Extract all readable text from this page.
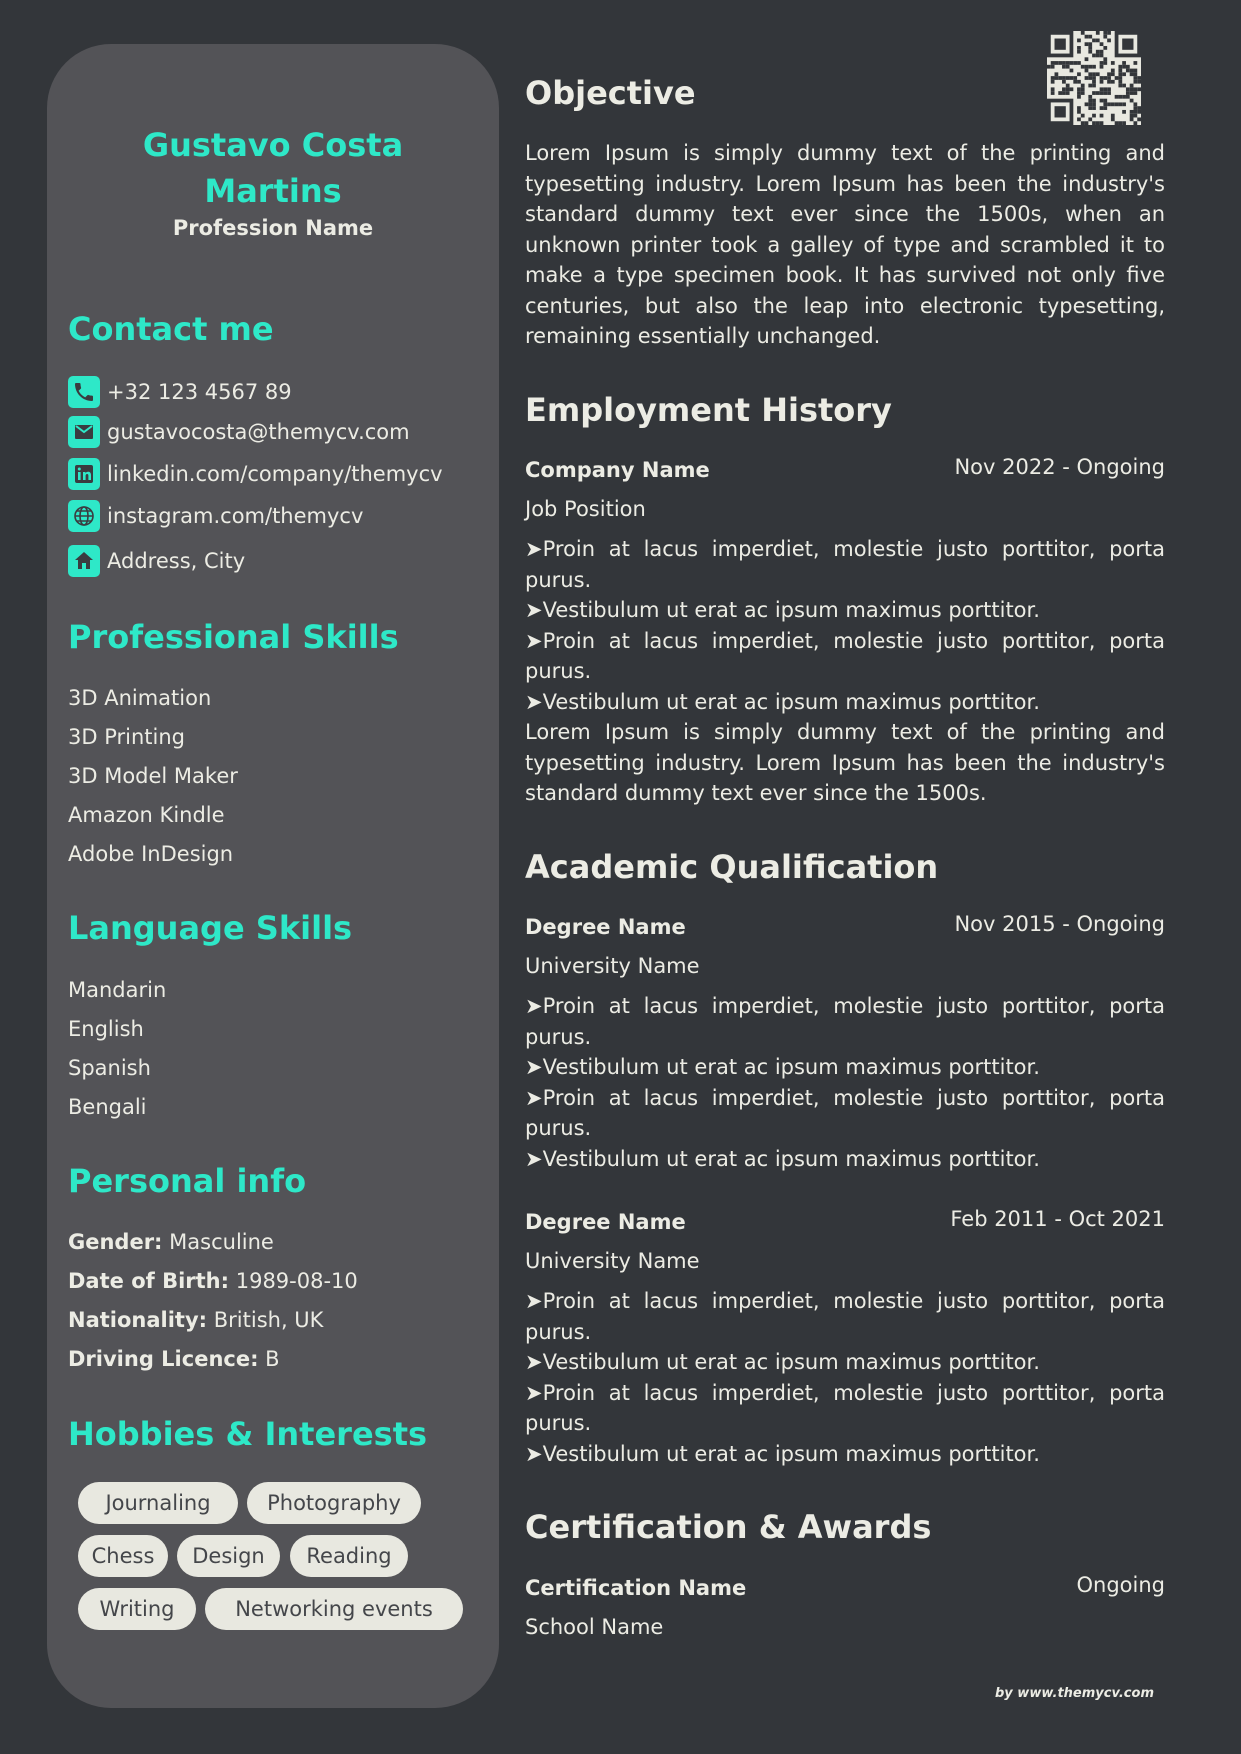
Gustavo Costa
Martins
Profession Name
Contact me
+32 123 4567 89
gustavocosta@themycv.com
linkedin.com/company/themycv
instagram.com/themycv
Address, City
Professional Skills
3D Animation
3D Printing
3D Model Maker
Amazon Kindle
Adobe InDesign
Language Skills
Mandarin
English
Spanish
Bengali
Personal info
Gender: Masculine
Date of Birth: 1989-08-10
Nationality: British, UK
Driving Licence: B
Hobbies & Interests
Journaling	Photography
Chess	Design	Reading
Writing	Networking events
Objective
Lorem Ipsum is simply dummy text of the printing and typesetting industry. Lorem Ipsum has been the industry's standard dummy text ever since the 1500s, when an unknown printer took a galley of type and scrambled it to make a type specimen book. It has survived not only five centuries, but also the leap into electronic typesetting, remaining essentially unchanged.
Employment History
Company Name	Nov 2022 - Ongoing
Job Position
➤Proin at lacus imperdiet, molestie justo porttitor, porta purus.
➤Vestibulum ut erat ac ipsum maximus porttitor.
➤Proin at lacus imperdiet, molestie justo porttitor, porta purus.
➤Vestibulum ut erat ac ipsum maximus porttitor.
Lorem Ipsum is simply dummy text of the printing and typesetting industry. Lorem Ipsum has been the industry's standard dummy text ever since the 1500s.
Academic Qualification
Degree Name	Nov 2015 - Ongoing
University Name
➤Proin at lacus imperdiet, molestie justo porttitor, porta purus.
➤Vestibulum ut erat ac ipsum maximus porttitor.
➤Proin at lacus imperdiet, molestie justo porttitor, porta purus.
➤Vestibulum ut erat ac ipsum maximus porttitor.
Degree Name	Feb 2011 - Oct 2021
University Name
➤Proin at lacus imperdiet, molestie justo porttitor, porta purus.
➤Vestibulum ut erat ac ipsum maximus porttitor.
➤Proin at lacus imperdiet, molestie justo porttitor, porta purus.
➤Vestibulum ut erat ac ipsum maximus porttitor.
Certification & Awards
Certification Name	Ongoing
School Name
by www.themycv.com
